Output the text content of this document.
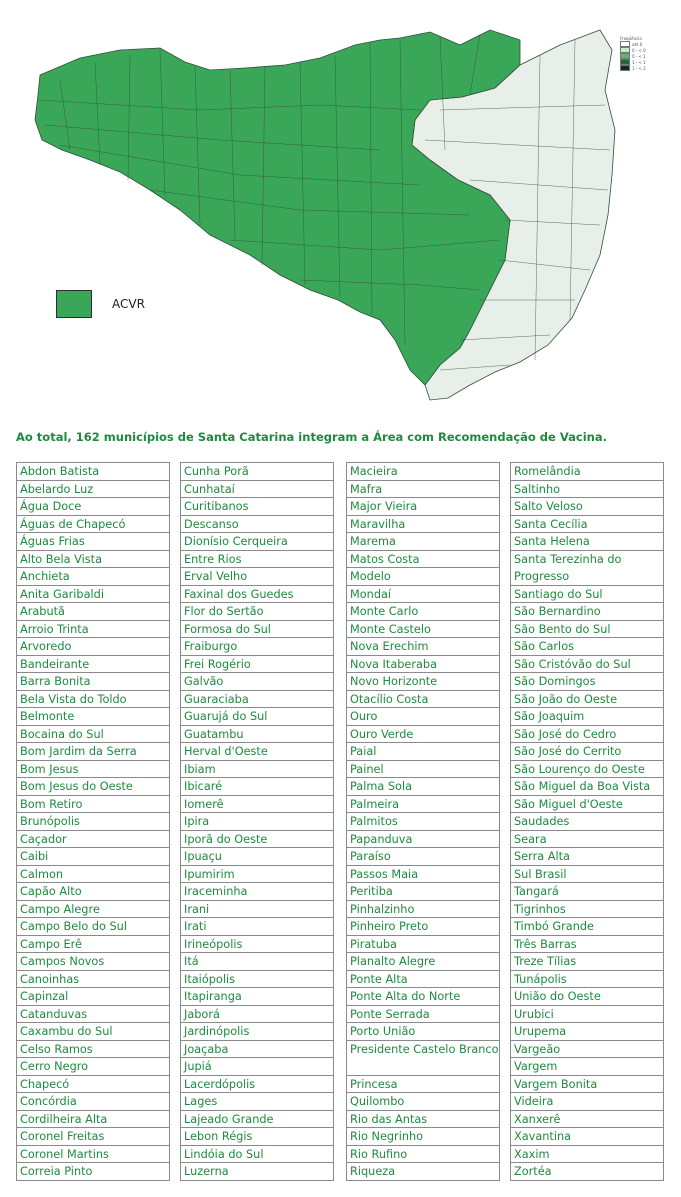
Freqüência
até 0
0 - < 0
0 - < 1
1 - < 1
1 - < 2
ACVR
Ao total, 162 municípios de Santa Catarina integram a Área com Recomendação de Vacina.
Abdon Batista
Abelardo Luz
Água Doce
Águas de Chapecó
Águas Frias
Alto Bela Vista
Anchieta
Anita Garibaldi
Arabutã
Arroio Trinta
Arvoredo
Bandeirante
Barra Bonita
Bela Vista do Toldo
Belmonte
Bocaina do Sul
Bom Jardim da Serra
Bom Jesus
Bom Jesus do Oeste
Bom Retiro
Brunópolis
Caçador
Caibi
Calmon
Capão Alto
Campo Alegre
Campo Belo do Sul
Campo Erê
Campos Novos
Canoinhas
Capinzal
Catanduvas
Caxambu do Sul
Celso Ramos
Cerro Negro
Chapecó
Concórdia
Cordilheira Alta
Coronel Freitas
Coronel Martins
Correia Pinto
Cunha Porã
Cunhataí
Curitibanos
Descanso
Dionísio Cerqueira
Entre Rios
Erval Velho
Faxinal dos Guedes
Flor do Sertão
Formosa do Sul
Fraiburgo
Frei Rogério
Galvão
Guaraciaba
Guarujá do Sul
Guatambu
Herval d'Oeste
Ibiam
Ibicaré
Iomerê
Ipira
Iporã do Oeste
Ipuaçu
Ipumirim
Iraceminha
Irani
Irati
Irineópolis
Itá
Itaiópolis
Itapiranga
Jaborá
Jardinópolis
Joaçaba
Jupiá
Lacerdópolis
Lages
Lajeado Grande
Lebon Régis
Lindóia do Sul
Luzerna
Macieira
Mafra
Major Vieira
Maravilha
Marema
Matos Costa
Modelo
Mondaí
Monte Carlo
Monte Castelo
Nova Erechim
Nova Itaberaba
Novo Horizonte
Otacílio Costa
Ouro
Ouro Verde
Paial
Painel
Palma Sola
Palmeira
Palmitos
Papanduva
Paraíso
Passos Maia
Peritiba
Pinhalzinho
Pinheiro Preto
Piratuba
Planalto Alegre
Ponte Alta
Ponte Alta do Norte
Ponte Serrada
Porto União
Presidente Castelo Branco
Princesa
Quilombo
Rio das Antas
Rio Negrinho
Rio Rufino
Riqueza
Romelândia
Saltinho
Salto Veloso
Santa Cecília
Santa Helena
Santa Terezinha do Progresso
Santiago do Sul
São Bernardino
São Bento do Sul
São Carlos
São Cristóvão do Sul
São Domingos
São João do Oeste
São Joaquim
São José do Cedro
São José do Cerrito
São Lourenço do Oeste
São Miguel da Boa Vista
São Miguel d'Oeste
Saudades
Seara
Serra Alta
Sul Brasil
Tangará
Tigrinhos
Timbó Grande
Três Barras
Treze Tílias
Tunápolis
União do Oeste
Urubici
Urupema
Vargeão
Vargem
Vargem Bonita
Videira
Xanxerê
Xavantina
Xaxim
Zortéa
